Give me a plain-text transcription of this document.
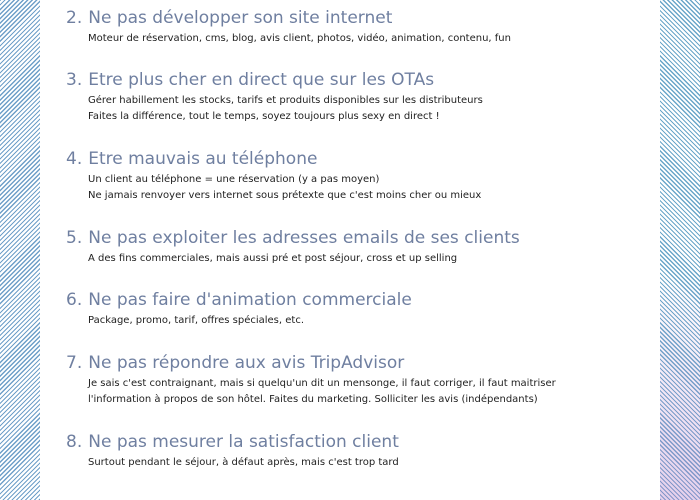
2. Ne pas développer son site internet
Moteur de réservation, cms, blog, avis client, photos, vidéo, animation, contenu, fun
3. Etre plus cher en direct que sur les OTAs
Gérer habillement les stocks, tarifs et produits disponibles sur les distributeurs
Faites la différence, tout le temps, soyez toujours plus sexy en direct !
4. Etre mauvais au téléphone
Un client au téléphone = une réservation (y a pas moyen)
Ne jamais renvoyer vers internet sous prétexte que c'est moins cher ou mieux
5. Ne pas exploiter les adresses emails de ses clients
A des fins commerciales, mais aussi pré et post séjour, cross et up selling
6. Ne pas faire d'animation commerciale
Package, promo, tarif, offres spéciales, etc.
7. Ne pas répondre aux avis TripAdvisor
Je sais c'est contraignant, mais si quelqu'un dit un mensonge, il faut corriger, il faut maitriser
l'information à propos de son hôtel. Faites du marketing. Solliciter les avis (indépendants)
8. Ne pas mesurer la satisfaction client
Surtout pendant le séjour, à défaut après, mais c'est trop tard
